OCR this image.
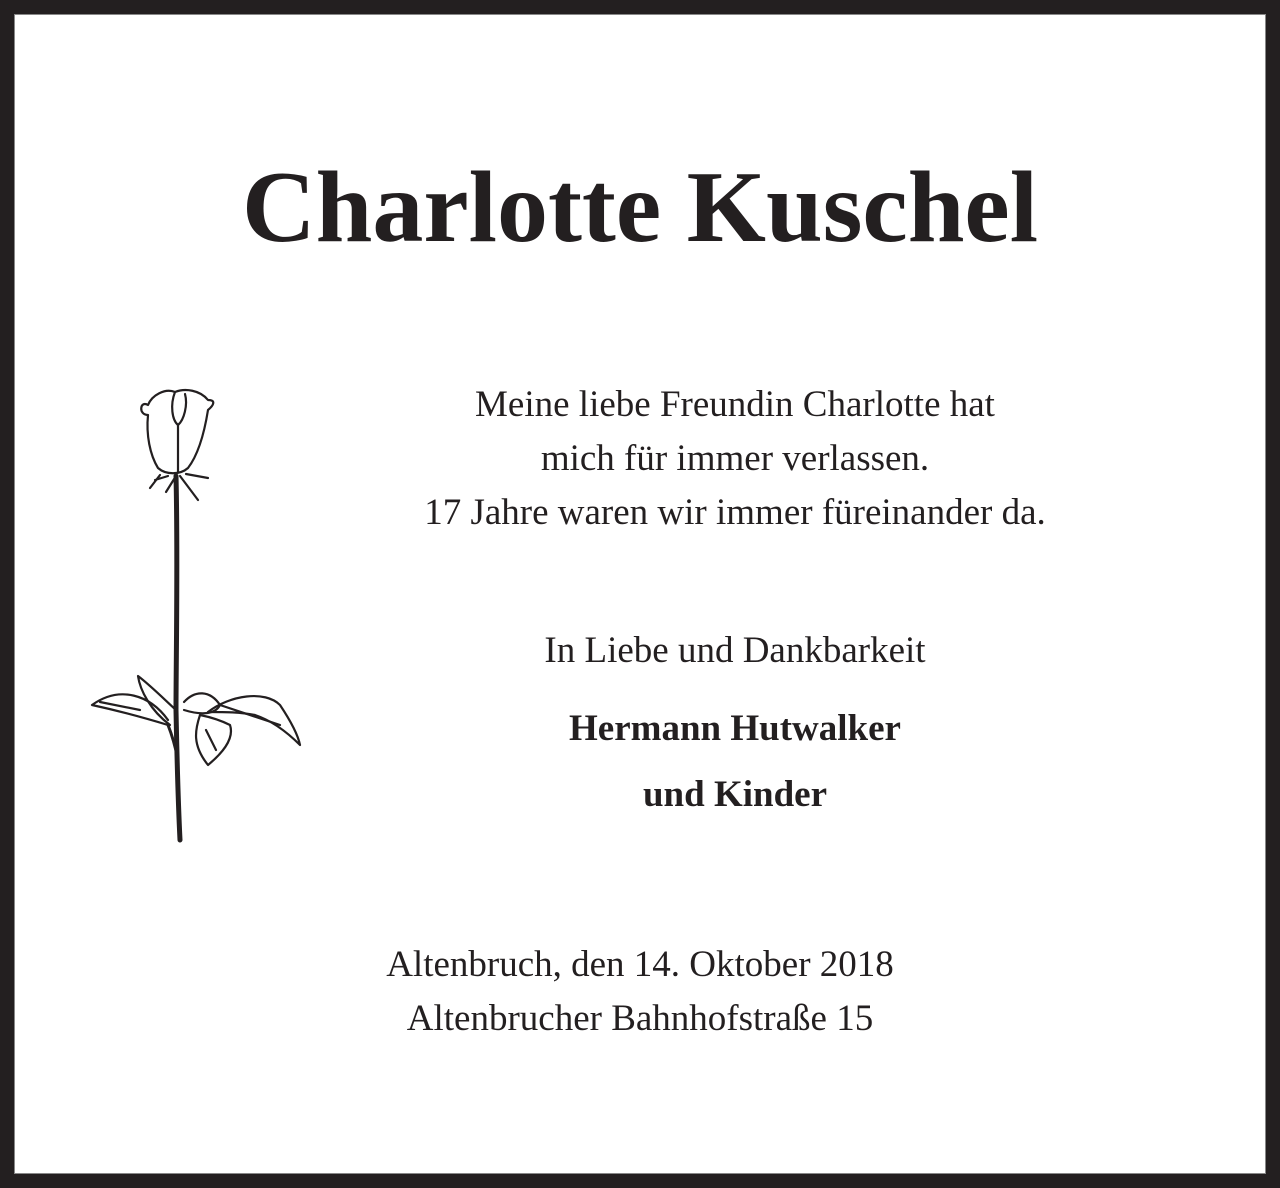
Charlotte Kuschel
Meine liebe Freundin Charlotte hat
mich für immer verlassen.
17 Jahre waren wir immer füreinander da.
In Liebe und Dankbarkeit
Hermann Hutwalker
und Kinder
Altenbruch, den 14. Oktober 2018
Altenbrucher Bahnhofstraße 15
